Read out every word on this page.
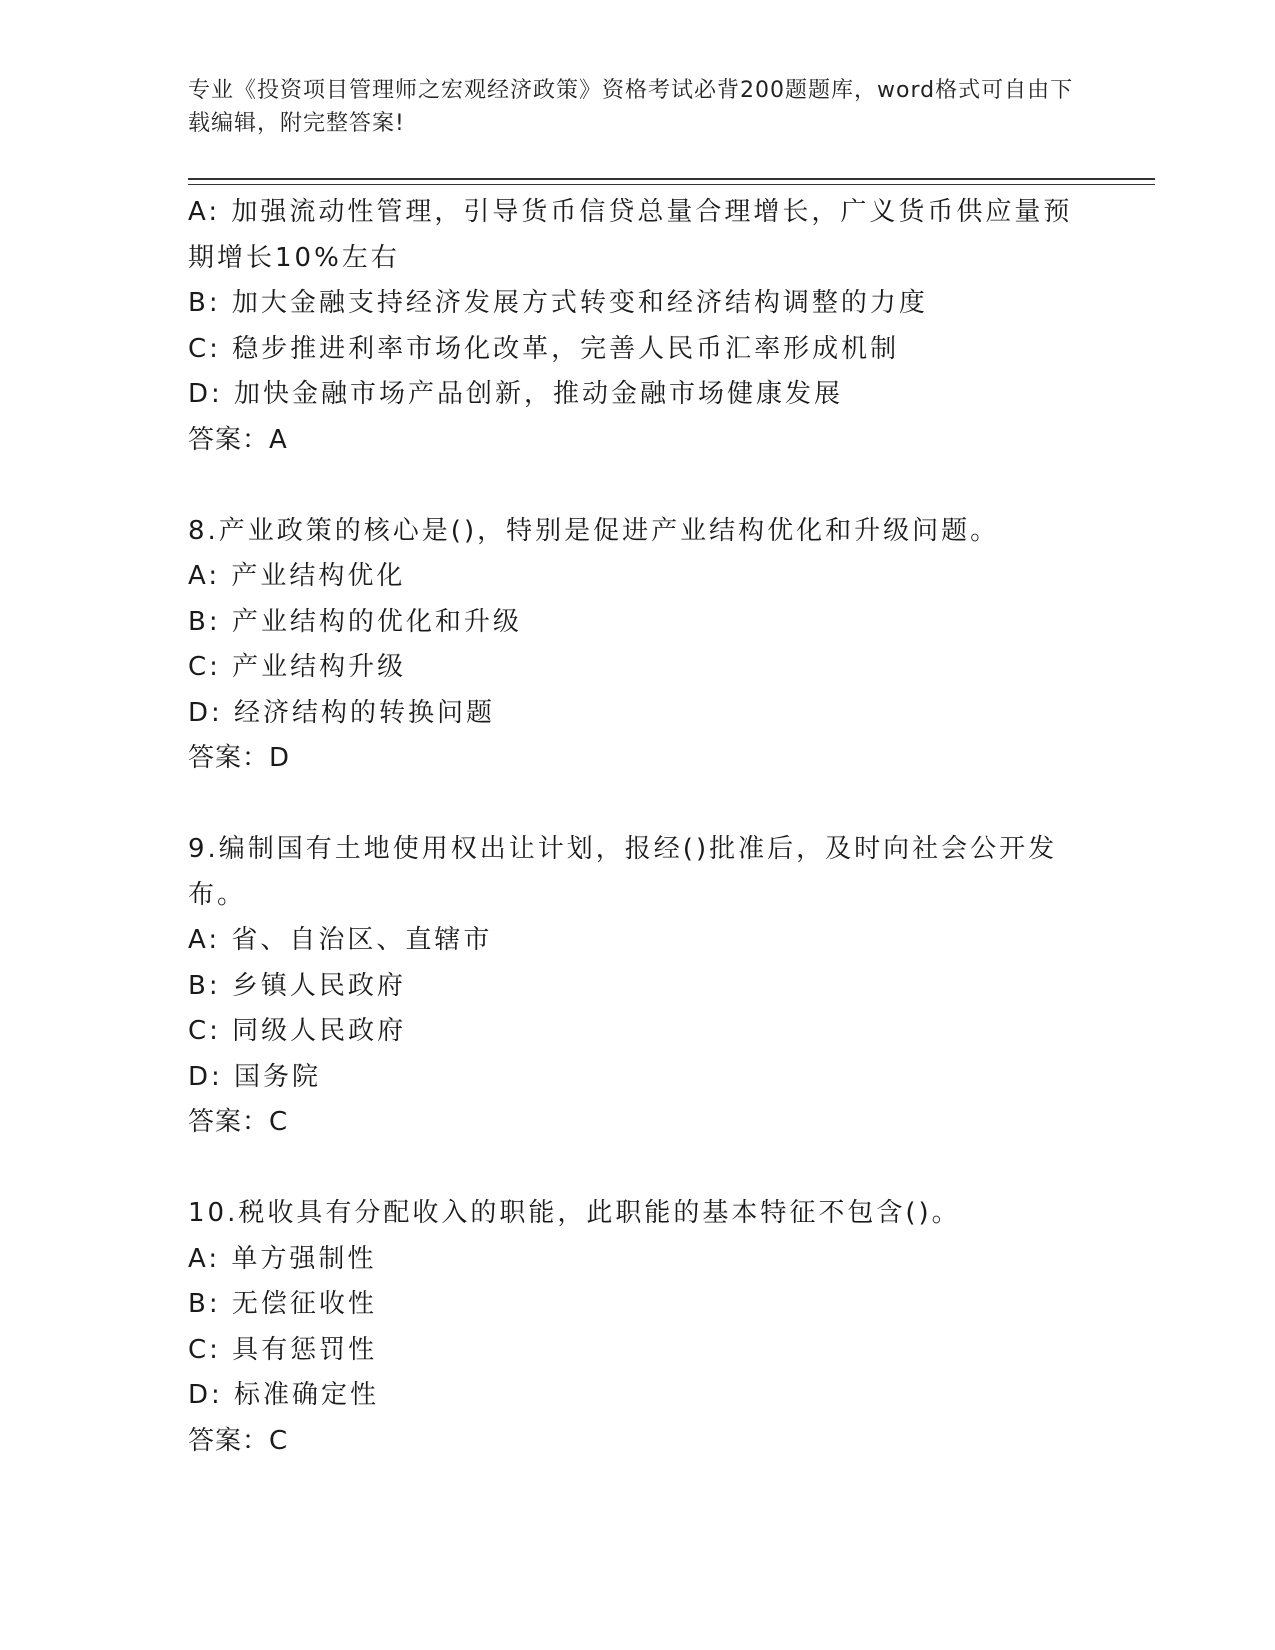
专业《投资项目管理师之宏观经济政策》资格考试必背200题题库，word格式可自由下载编辑，附完整答案!
A: 加强流动性管理，引导货币信贷总量合理增长，广义货币供应量预期增长10%左右
B: 加大金融支持经济发展方式转变和经济结构调整的力度
C: 稳步推进利率市场化改革，完善人民币汇率形成机制
D: 加快金融市场产品创新，推动金融市场健康发展
答案：A
8.产业政策的核心是()，特别是促进产业结构优化和升级问题。
A: 产业结构优化
B: 产业结构的优化和升级
C: 产业结构升级
D: 经济结构的转换问题
答案：D
9.编制国有土地使用权出让计划，报经()批准后，及时向社会公开发布。
A: 省、自治区、直辖市
B: 乡镇人民政府
C: 同级人民政府
D: 国务院
答案：C
10.税收具有分配收入的职能，此职能的基本特征不包含()。
A: 单方强制性
B: 无偿征收性
C: 具有惩罚性
D: 标准确定性
答案：C
